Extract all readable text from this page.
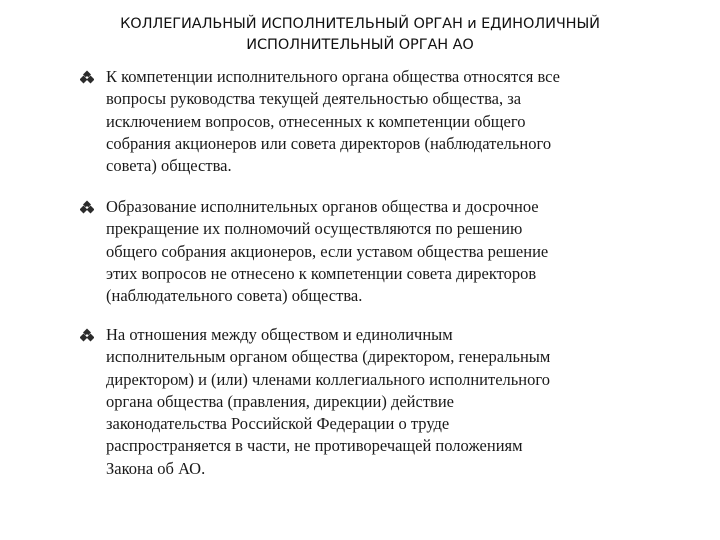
КОЛЛЕГИАЛЬНЫЙ ИСПОЛНИТЕЛЬНЫЙ ОРГАН и ЕДИНОЛИЧНЫЙ
ИСПОЛНИТЕЛЬНЫЙ ОРГАН АО
К компетенции исполнительного органа общества относятся все
вопросы руководства текущей деятельностью общества, за
исключением вопросов, отнесенных к компетенции общего
собрания акционеров или совета директоров (наблюдательного
совета) общества.
Образование исполнительных органов общества и досрочное
прекращение их полномочий осуществляются по решению
общего собрания акционеров, если уставом общества решение
этих вопросов не отнесено к компетенции совета директоров
(наблюдательного совета) общества.
На отношения между обществом и единоличным
исполнительным органом общества (директором, генеральным
директором) и (или) членами коллегиального исполнительного
органа общества (правления, дирекции) действие
законодательства Российской Федерации о труде
распространяется в части, не противоречащей положениям
Закона об АО.
